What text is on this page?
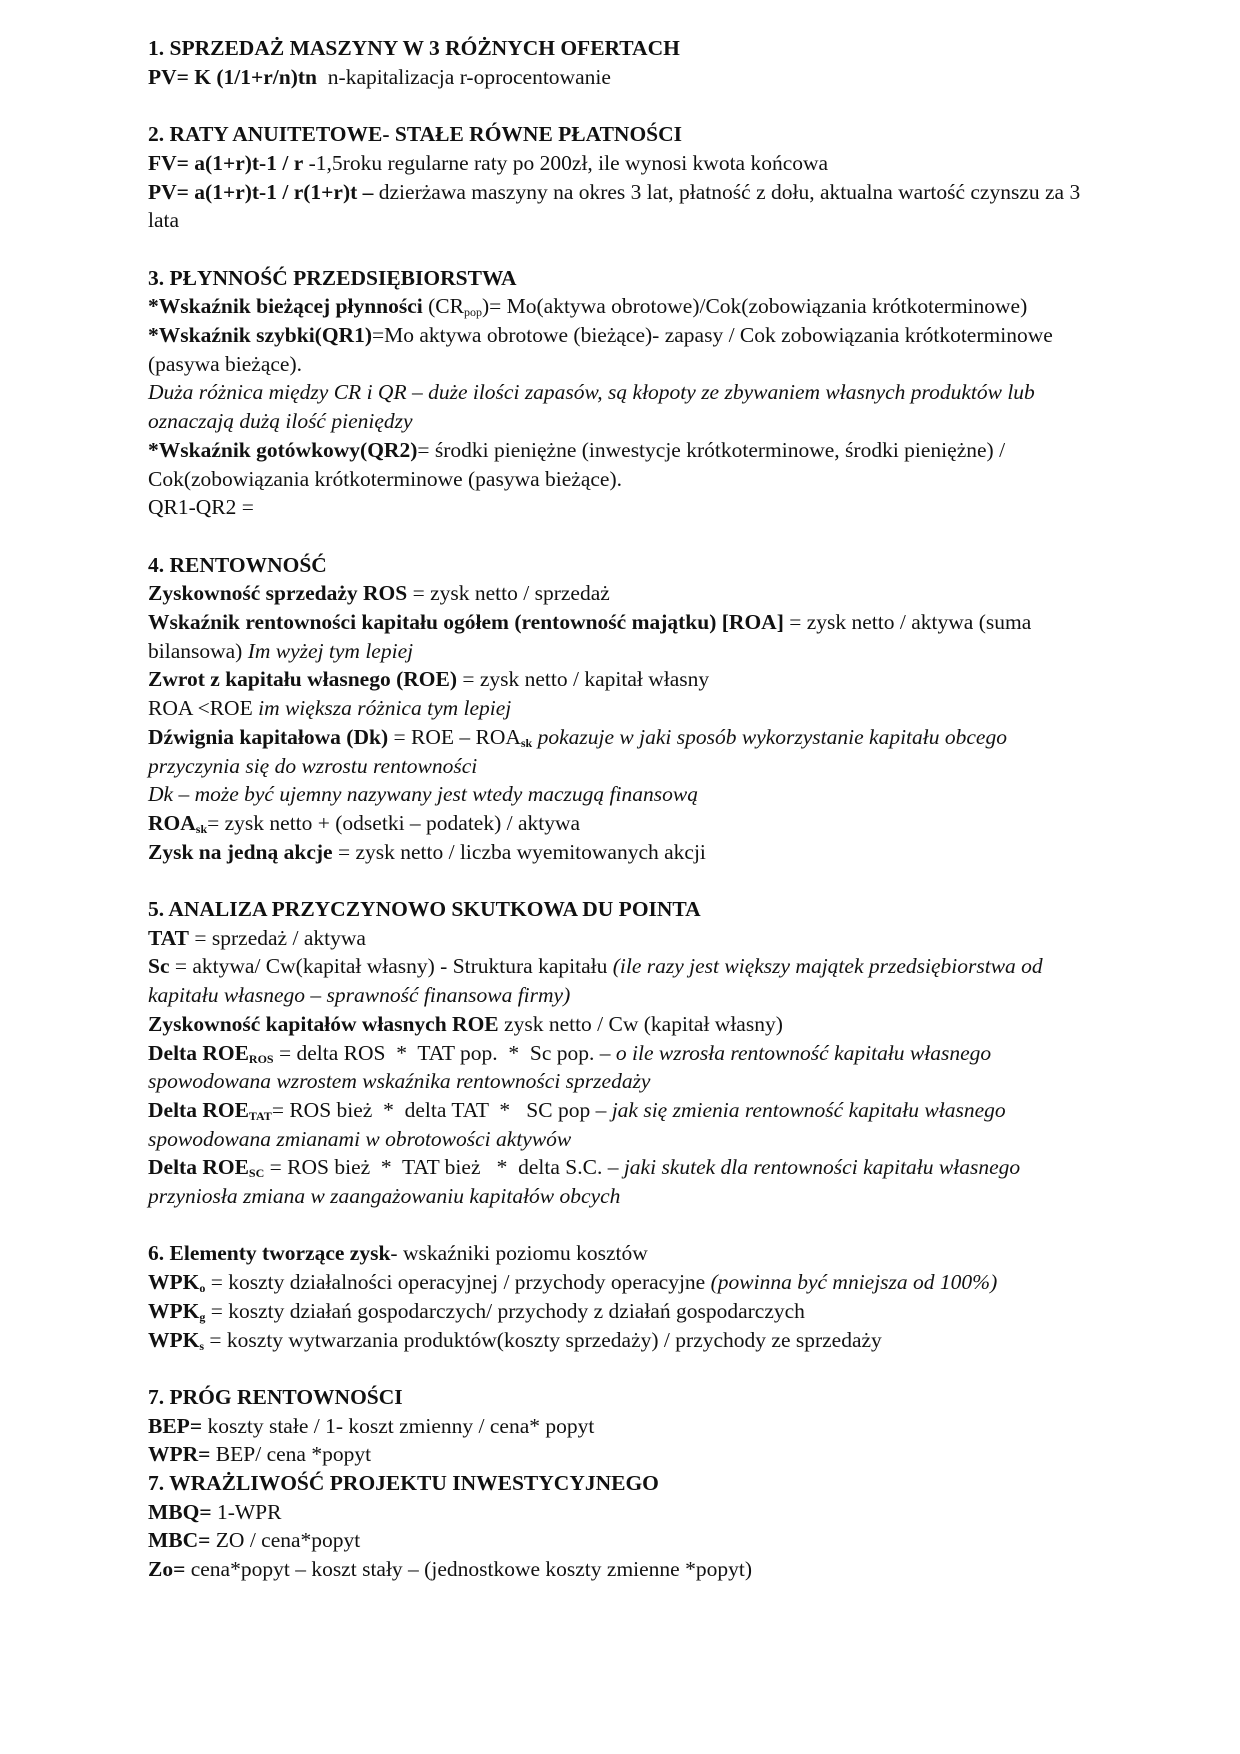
1. SPRZEDAŻ MASZYNY W 3 RÓŻNYCH OFERTACH
PV= K (1/1+r/n)tn  n-kapitalizacja r-oprocentowanie
2. RATY ANUITETOWE- STAŁE RÓWNE PŁATNOŚCI
FV= a(1+r)t-1 / r -1,5roku regularne raty po 200zł, ile wynosi kwota końcowa
PV= a(1+r)t-1 / r(1+r)t – dzierżawa maszyny na okres 3 lat, płatność z dołu, aktualna wartość czynszu za 3 lata
3. PŁYNNOŚĆ PRZEDSIĘBIORSTWA
*Wskaźnik bieżącej płynności $(CR_{pop})=$ Mo(aktywa obrotowe)/Cok(zobowiązania krótkoterminowe)
*Wskaźnik szybki(QR1)=Mo aktywa obrotowe (bieżące)- zapasy / Cok zobowiązania krótkoterminowe (pasywa bieżące).
Duża różnica między CR i QR – duże ilości zapasów, są kłopoty ze zbywaniem własnych produktów lub oznaczają dużą ilość pieniędzy
*Wskaźnik gotówkowy(QR2)= środki pieniężne (inwestycje krótkoterminowe, środki pieniężne) / Cok(zobowiązania krótkoterminowe (pasywa bieżące).
QR1-QR2 =
4. RENTOWNOŚĆ
Zyskowność sprzedaży ROS = zysk netto / sprzedaż
Wskaźnik rentowności kapitału ogółem (rentowność majątku) [ROA] = zysk netto / aktywa (suma bilansowa) Im wyżej tym lepiej
Zwrot z kapitału własnego (ROE) = zysk netto / kapitał własny
ROA <ROE im większa różnica tym lepiej
Dźwignia kapitałowa (Dk) = ROE – $ROA_{sk}$ pokazuje w jaki sposób wykorzystanie kapitału obcego przyczynia się do wzrostu rentowności
Dk – może być ujemny nazywany jest wtedy maczugą finansową
$ROA_{sk}=$ zysk netto + (odsetki – podatek) / aktywa
Zysk na jedną akcje = zysk netto / liczba wyemitowanych akcji
5. ANALIZA PRZYCZYNOWO SKUTKOWA DU POINTA
TAT = sprzedaż / aktywa
Sc = aktywa/ Cw(kapitał własny) - Struktura kapitału (ile razy jest większy majątek przedsiębiorstwa od kapitału własnego – sprawność finansowa firmy)
Zyskowność kapitałów własnych ROE zysk netto / Cw (kapitał własny)
Delta $ROE_{ROS}$ = delta ROS  *  TAT pop.  *  Sc pop. – o ile wzrosła rentowność kapitału własnego spowodowana wzrostem wskaźnika rentowności sprzedaży
Delta $ROE_{TAT}=$ ROS bież  *  delta TAT  *   SC pop – jak się zmienia rentowność kapitału własnego spowodowana zmianami w obrotowości aktywów
Delta $ROE_{SC}$ = ROS bież  *  TAT bież   *  delta S.C. – jaki skutek dla rentowności kapitału własnego przyniosła zmiana w zaangażowaniu kapitałów obcych
6. Elementy tworzące zysk- wskaźniki poziomu kosztów
$WPK_o$ = koszty działalności operacyjnej / przychody operacyjne (powinna być mniejsza od 100%)
$WPK_g$ = koszty działań gospodarczych/ przychody z działań gospodarczych
$WPK_s$ = koszty wytwarzania produktów(koszty sprzedaży) / przychody ze sprzedaży
7. PRÓG RENTOWNOŚCI
BEP= koszty stałe / 1- koszt zmienny / cena* popyt
WPR= BEP/ cena *popyt
7. WRAŻLIWOŚĆ PROJEKTU INWESTYCYJNEGO
MBQ= 1-WPR
MBC= ZO / cena*popyt
Zo= cena*popyt – koszt stały – (jednostkowe koszty zmienne *popyt)
